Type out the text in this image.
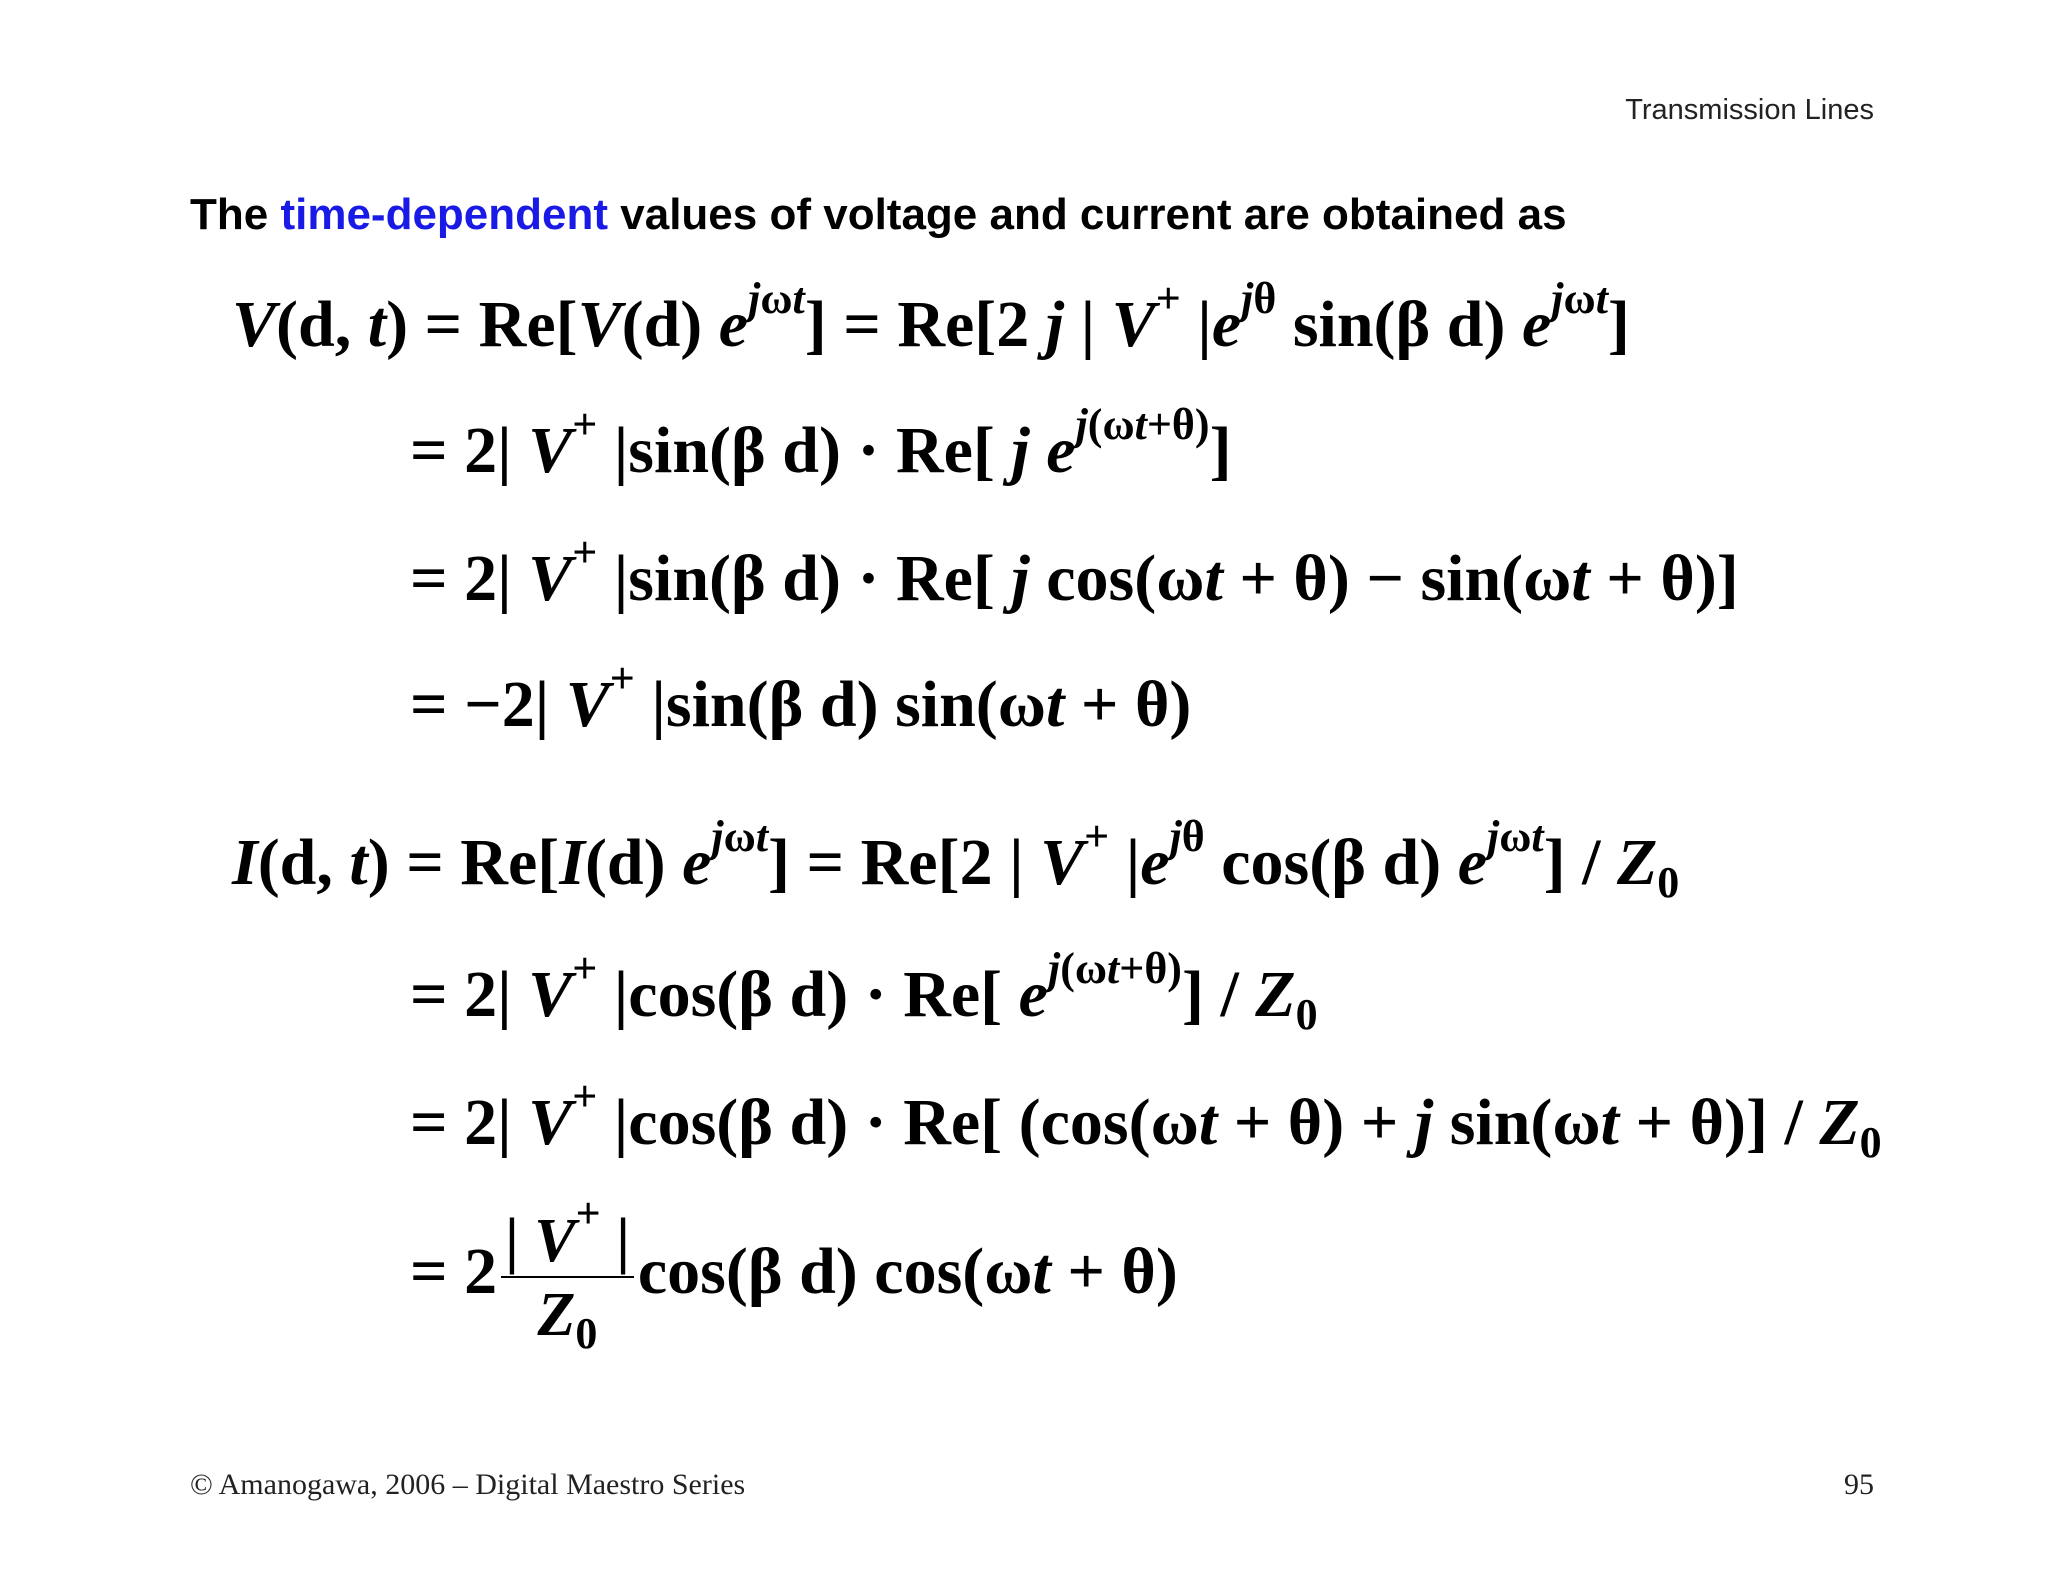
Transmission Lines
The time-dependent values of voltage and current are obtained as
V(d, t) = Re[V(d) $e^{j\omega t}] = Re[2$ j | V+ $|e^{j\theta}$ sin(β d) $e^{j\omega t}$]
= 2| V+ |sin(β d) · Re[ j $e^{j(\omega t+\theta)}$]
= 2| V+ |sin(β d) · Re[ j cos(ωt + θ) − sin(ωt + θ)]
= −2| V+ |sin(β d) sin(ωt + θ)
I(d, t) = Re[I(d) $e^{j\omega t}] = Re[2$ | V+ $|e^{j\theta}$ cos(β d) $e^{j\omega t}] / Z_0$
= 2| V+ |cos(β d) · Re[ $e^{j(\omega t+\theta)}] / Z_0$
= 2| V+ |cos(β d) · Re[ (cos(ωt + θ) + j $\sin(\omega t + \theta)] / Z_0$
= $2 \frac{| V^+ |}{Z_0} \cos(\beta$ d) cos(ωt + θ)
© Amanogawa, 2006 – Digital Maestro Series	95
